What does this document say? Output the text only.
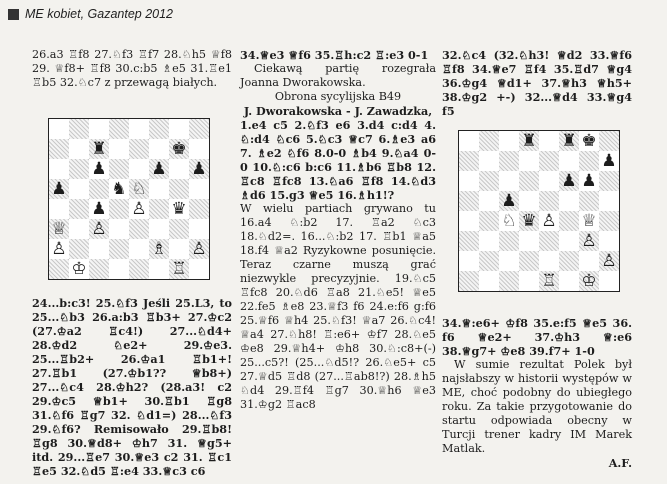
ME kobiet, Gazantep 2012

26.a3 ♖f8 27.♘f3 ♖f7 28.♘h5 ♕f8 29. ♕f8+ ♖f8 30.c:b5 ♗e5 31.♖e1 ♖b5 32.♘c7 z przewagą białych.

♜	♚
♟	♟ ♟
♟	♞ ♘
♟ ♙ ♛
♕ ♙
♙	♗ ♙
♔	♖

24...b:c3! 25.♘f3 Jeśli 25.L3, to 25...♘b3 26.a:b3 ♖b3+ 27.♔c2 (27.♔a2 ♖c4!) 27...♘d4+ 28.♔d2 ♘e2+ 29.♔e3. 25...♖b2+ 26.♔a1 ♖b1+! 27.♖b1 (27.♔b1?? ♕b8+) 27...♘c4 28.♔h2? (28.a3! c2 29.♔c5 ♕b1+ 30.♖b1 ♖g8 31.♘f6 ♖g7 32. ♘d1=) 28...♘f3 29.♘f6? Remisowało 29.♖b8! ♖g8 30.♕d8+ ♔h7 31. ♕g5+ itd. 29...♖e7 30.♕e3 c2 31. ♖c1 ♖e5 32.♘d5 ♖:e4 33.♕c3 c6

34.♕e3 ♕f6 35.♖h:c2 ♖:e3 0-1

Ciekawą partię rozegrała Joanna Dworakowska.

Obrona sycylijska B49

J. Dworakowska - J. Zawadzka,

1.e4 c5 2.♘f3 e6 3.d4 c:d4 4. ♘:d4 ♘c6 5.♘c3 ♕c7 6.♗e3 a6 7. ♗e2 ♘f6 8.0-0 ♗b4 9.♘a4 0-0 10.♘:c6 b:c6 11.♗b6 ♖b8 12. ♖c8 ♖fc8 13.♘a6 ♖f8 14.♘d3 ♗d6 15.g3 ♕e5 16.♗h1!?

W wielu partiach grywano tu 16.a4 ♘:b2 17. ♖a2 ♘c3 18.♘d2=. 16...♘:b2 17. ♖b1 ♕a5 18.f4 ♕a2 Ryzykowne posunięcie. Teraz czarne muszą grać niezwykle precyzyjnie. 19.♘c5 ♖fc8 20.♘d6 ♖a8 21.♘e5! ♕e5 22.fe5 ♗e8 23.♕f3 f6 24.e:f6 g:f6 25.♕f6 ♕h4 25.♘f3! ♕a7 26.♘c4! ♕a4 27.♘h8! ♖:e6+ ♔f7 28.♘e5 ♔e8 29.♕h4+ ♔h8 30.♘:c8+(-) 25...c5?! (25...♘d5!? 26.♘e5+ c5 27.♕d5 ♖d8 (27...♖ab8!?) 28.♗h5 ♘d4 29.♖f4 ♖g7 30.♕h6 ♕e3 31.♔g2 ♖ac8

32.♘c4 (32.♘h3! ♕d2 33.♕f6 ♖f8 34.♕e7 ♖f4 35.♖d7 ♕g4 36.♔g4 ♕d1+ 37.♕h3 ♕h5+ 38.♔g2 +-) 32...♕d4 33.♕g4 f5

♜ ♜ ♚
♟
♟ ♟
♟
♘ ♛ ♙ ♕
♙
♙
♖ ♔

34.♕:e6+ ♔f8 35.e:f5 ♕e5 36. f6 ♕e2+ 37.♔h3 ♕:e6 38.♕g7+ ♔e8 39.f7+ 1-0

W sumie rezultat Polek był najsłabszy w historii występów w ME, choć podobny do ubiegłego roku. Za takie przygotowanie do startu odpowiada obecny w Turcji trener kadry IM Marek Matlak.

A.F.
